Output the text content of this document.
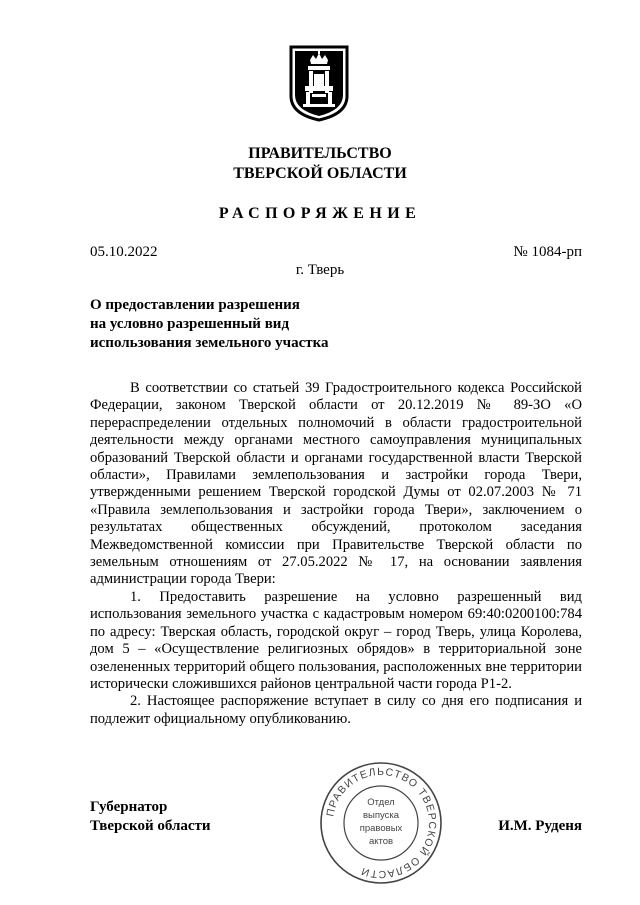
ПРАВИТЕЛЬСТВО
ТВЕРСКОЙ ОБЛАСТИ
РАСПОРЯЖЕНИЕ
05.10.2022	№ 1084-рп
г. Тверь
О предоставлении разрешения
на условно разрешенный вид
использования земельного участка

В соответствии со статьей 39 Градостроительного кодекса Российской Федерации, законом Тверской области от 20.12.2019 № 89-ЗО «О перераспределении отдельных полномочий в области градостроительной деятельности между органами местного самоуправления муниципальных образований Тверской области и органами государственной власти Тверской области», Правилами землепользования и застройки города Твери, утвержденными решением Тверской городской Думы от 02.07.2003 № 71 «Правила землепользования и застройки города Твери», заключением о результатах общественных обсуждений, протоколом заседания Межведомственной комиссии при Правительстве Тверской области по земельным отношениям от 27.05.2022 № 17, на основании заявления администрации города Твери:

1. Предоставить разрешение на условно разрешенный вид использования земельного участка с кадастровым номером 69:40:0200100:784 по адресу: Тверская область, городской округ – город Тверь, улица Королева, дом 5 – «Осуществление религиозных обрядов» в территориальной зоне озелененных территорий общего пользования, расположенных вне территории исторически сложившихся районов центральной части города Р1-2.

2. Настоящее распоряжение вступает в силу со дня его подписания и подлежит официальному опубликованию.

Губернатор
Тверской области	И.М. Руденя
ПРАВИТЕЛЬСТВО ТВЕРСКОЙ ОБЛАСТИ
Отдел
выпуска
правовых
актов
